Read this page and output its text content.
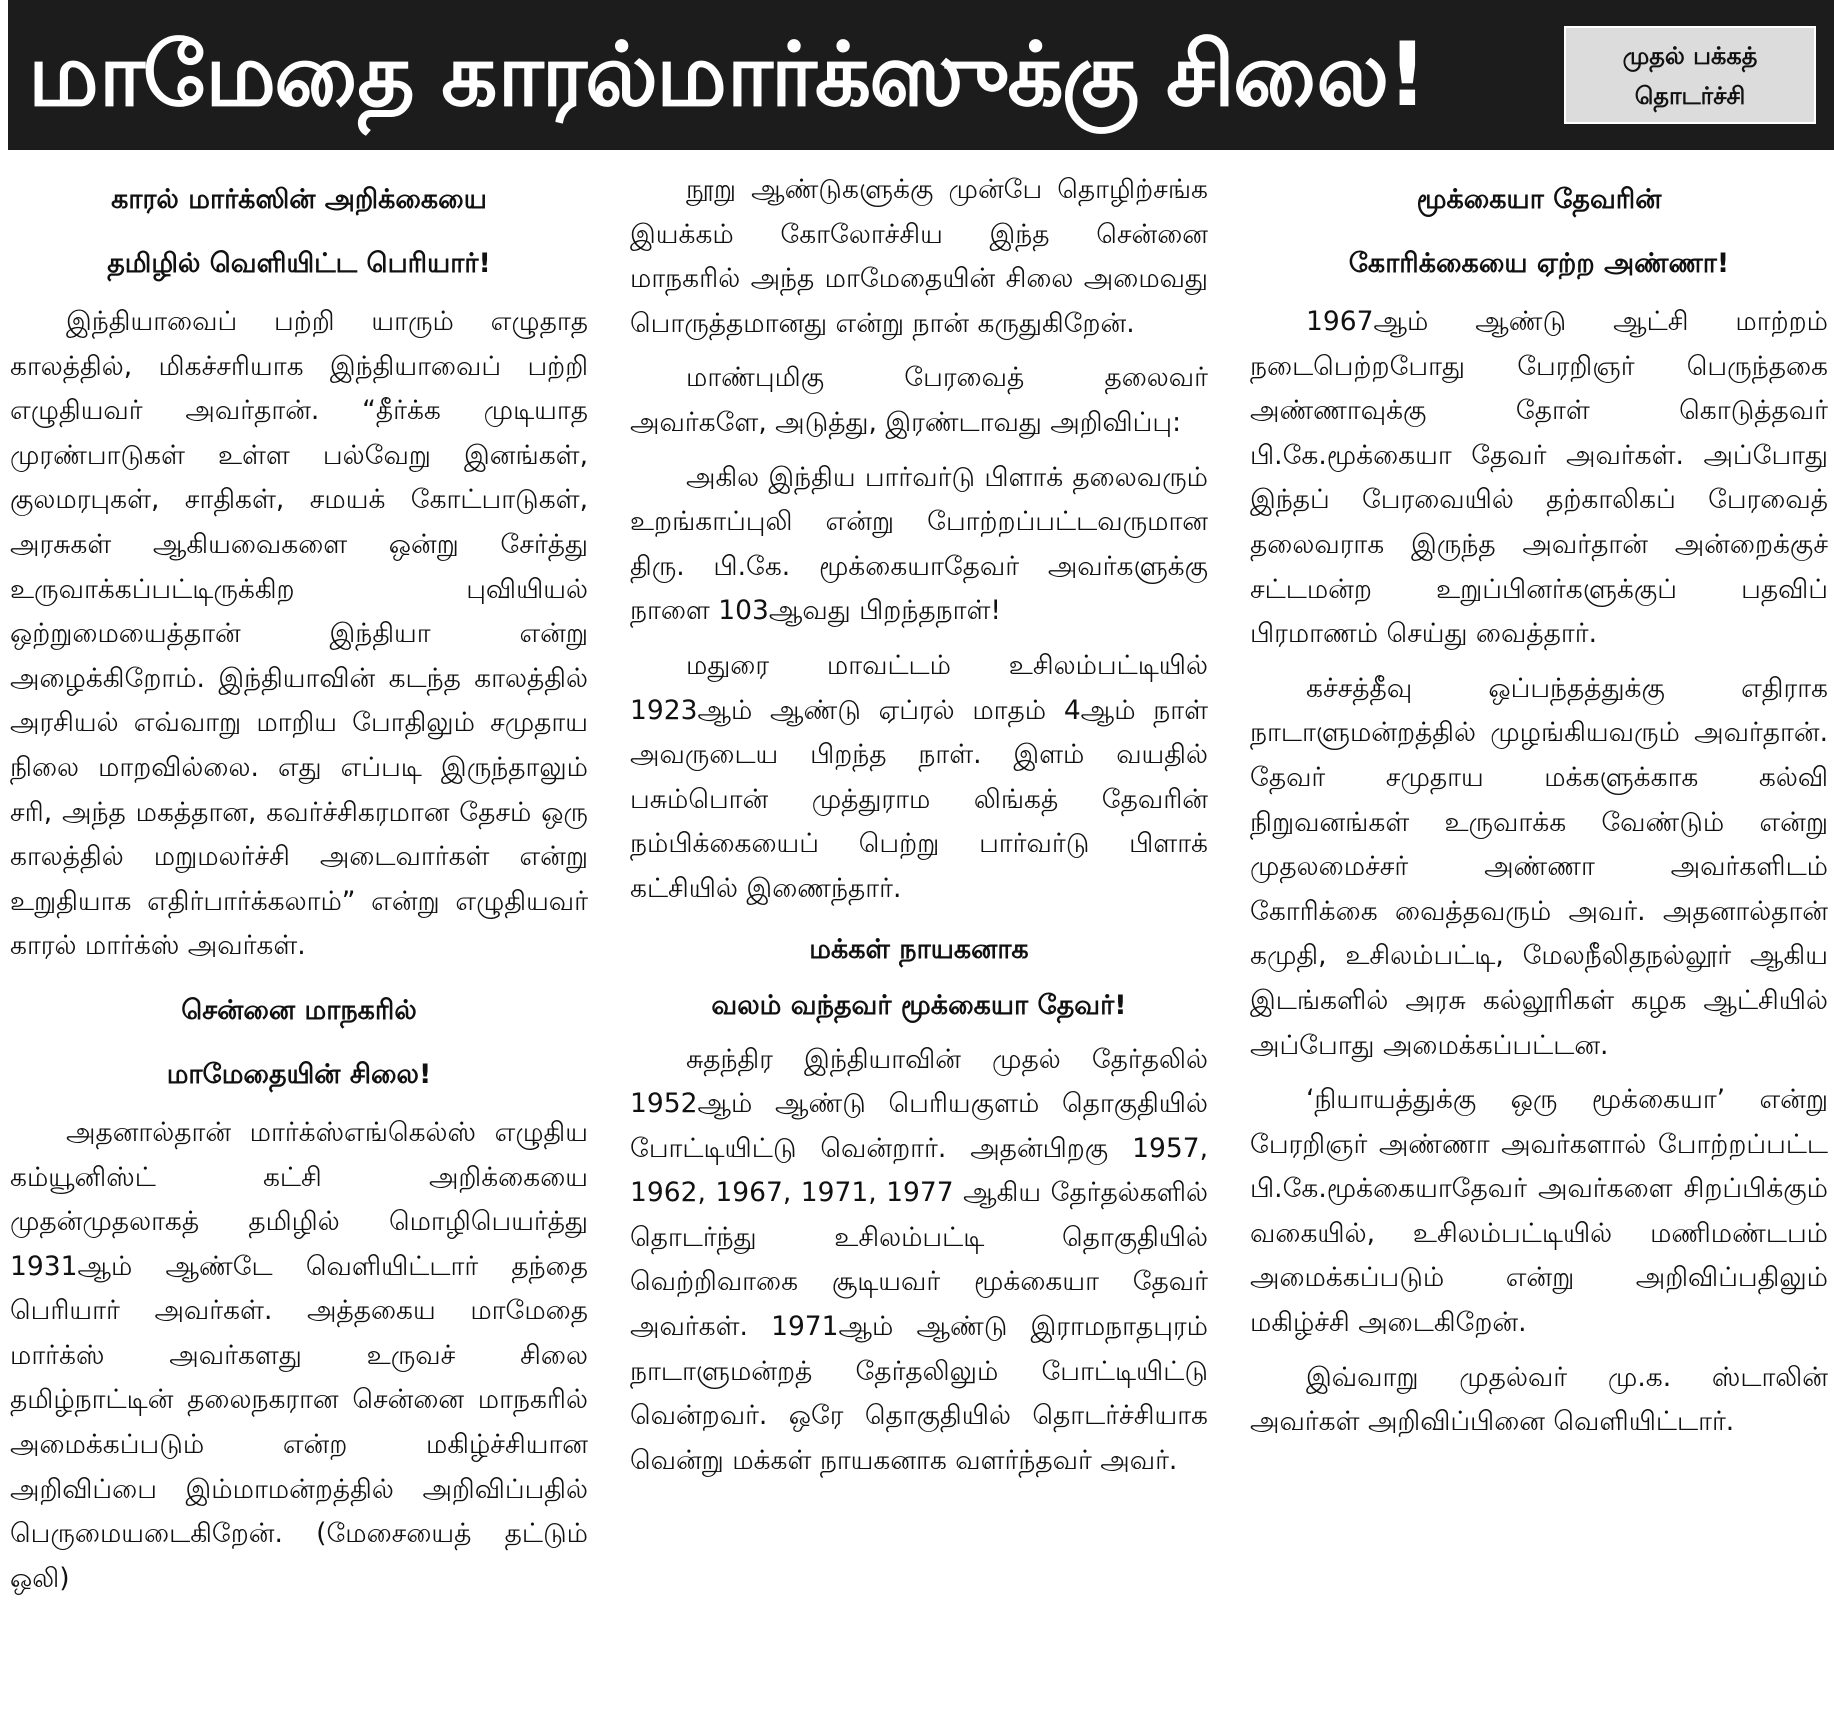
மாமேதை காரல்மார்க்ஸுக்கு சிலை!	முதல் பக்கத்
தொடர்ச்சி
காரல் மார்க்ஸின் அறிக்கையை
தமிழில் வெளியிட்ட பெரியார்!

இந்தியாவைப் பற்றி யாரும் எழுதாத காலத்தில், மிகச்சரியாக இந்தியாவைப் பற்றி எழுதியவர் அவர்தான். “தீர்க்க முடியாத முரண்பாடுகள் உள்ள பல்வேறு இனங்கள், குலமரபுகள், சாதிகள், சமயக் கோட்பாடுகள், அரசுகள் ஆகியவைகளை ஒன்று சேர்த்து உருவாக்கப்பட்டிருக்கிற புவியியல் ஒற்றுமையைத்தான் இந்தியா என்று அழைக்கிறோம். இந்தியாவின் கடந்த காலத்தில் அரசியல் எவ்வாறு மாறிய போதிலும் சமுதாய நிலை மாறவில்லை. எது எப்படி இருந்தாலும் சரி, அந்த மகத்தான, கவர்ச்சிகரமான தேசம் ஒரு காலத்தில் மறுமலர்ச்சி அடைவார்கள் என்று உறுதியாக எதிர்பார்க்கலாம்” என்று எழுதியவர் காரல் மார்க்ஸ் அவர்கள்.

சென்னை மாநகரில்
மாமேதையின் சிலை!

அதனால்தான் மார்க்ஸ்எங்கெல்ஸ் எழுதிய கம்யூனிஸ்ட் கட்சி அறிக்கையை முதன்முதலாகத் தமிழில் மொழிபெயர்த்து 1931ஆம் ஆண்டே வெளியிட்டார் தந்தை பெரியார் அவர்கள். அத்தகைய மாமேதை மார்க்ஸ் அவர்களது உருவச் சிலை தமிழ்நாட்டின் தலைநகரான சென்னை மாநகரில் அமைக்கப்படும் என்ற மகிழ்ச்சியான அறிவிப்பை இம்மாமன்றத்தில் அறிவிப்பதில் பெருமையடைகிறேன். (மேசையைத் தட்டும் ஒலி)

நூறு ஆண்டுகளுக்கு முன்பே தொழிற்சங்க இயக்கம் கோலோச்சிய இந்த சென்னை மாநகரில் அந்த மாமேதையின் சிலை அமைவது பொருத்தமானது என்று நான் கருதுகிறேன்.

மாண்புமிகு பேரவைத் தலைவர் அவர்களே, அடுத்து, இரண்டாவது அறிவிப்பு:

அகில இந்திய பார்வர்டு பிளாக் தலைவரும் உறங்காப்புலி என்று போற்றப்பட்டவருமான திரு. பி.கே. மூக்கையாதேவர் அவர்களுக்கு நாளை 103ஆவது பிறந்தநாள்!

மதுரை மாவட்டம் உசிலம்பட்டியில் 1923ஆம் ஆண்டு ஏப்ரல் மாதம் 4ஆம் நாள் அவருடைய பிறந்த நாள். இளம் வயதில் பசும்பொன் முத்துராம லிங்கத் தேவரின் நம்பிக்கையைப் பெற்று பார்வர்டு பிளாக் கட்சியில் இணைந்தார்.

மக்கள் நாயகனாக
வலம் வந்தவர் மூக்கையா தேவர்!

சுதந்திர இந்தியாவின் முதல் தேர்தலில் 1952ஆம் ஆண்டு பெரியகுளம் தொகுதியில் போட்டியிட்டு வென்றார். அதன்பிறகு 1957, 1962, 1967, 1971, 1977 ஆகிய தேர்தல்களில் தொடர்ந்து உசிலம்பட்டி தொகுதியில் வெற்றிவாகை சூடியவர் மூக்கையா தேவர் அவர்கள். 1971ஆம் ஆண்டு இராமநாதபுரம் நாடாளுமன்றத் தேர்தலிலும் போட்டியிட்டு வென்றவர். ஒரே தொகுதியில் தொடர்ச்சியாக வென்று மக்கள் நாயகனாக வளர்ந்தவர் அவர்.

மூக்கையா தேவரின்
கோரிக்கையை ஏற்ற அண்ணா!

1967ஆம் ஆண்டு ஆட்சி மாற்றம் நடைபெற்றபோது பேரறிஞர் பெருந்தகை அண்ணாவுக்கு தோள் கொடுத்தவர் பி.கே.மூக்கையா தேவர் அவர்கள். அப்போது இந்தப் பேரவையில் தற்காலிகப் பேரவைத் தலைவராக இருந்த அவர்தான் அன்றைக்குச் சட்டமன்ற உறுப்பினர்களுக்குப் பதவிப் பிரமாணம் செய்து வைத்தார்.

கச்சத்தீவு ஒப்பந்தத்துக்கு எதிராக நாடாளுமன்றத்தில் முழங்கியவரும் அவர்தான். தேவர் சமுதாய மக்களுக்காக கல்வி நிறுவனங்கள் உருவாக்க வேண்டும் என்று முதலமைச்சர் அண்ணா அவர்களிடம் கோரிக்கை வைத்தவரும் அவர். அதனால்தான் கமுதி, உசிலம்பட்டி, மேலநீலிதநல்லூர் ஆகிய இடங்களில் அரசு கல்லூரிகள் கழக ஆட்சியில் அப்போது அமைக்கப்பட்டன.

‘நியாயத்துக்கு ஒரு மூக்கையா’ என்று பேரறிஞர் அண்ணா அவர்களால் போற்றப்பட்ட பி.கே.மூக்கையாதேவர் அவர்களை சிறப்பிக்கும் வகையில், உசிலம்பட்டியில் மணிமண்டபம் அமைக்கப்படும் என்று அறிவிப்பதிலும் மகிழ்ச்சி அடைகிறேன்.

இவ்வாறு முதல்வர் மு.க. ஸ்டாலின் அவர்கள் அறிவிப்பினை வெளியிட்டார்.
